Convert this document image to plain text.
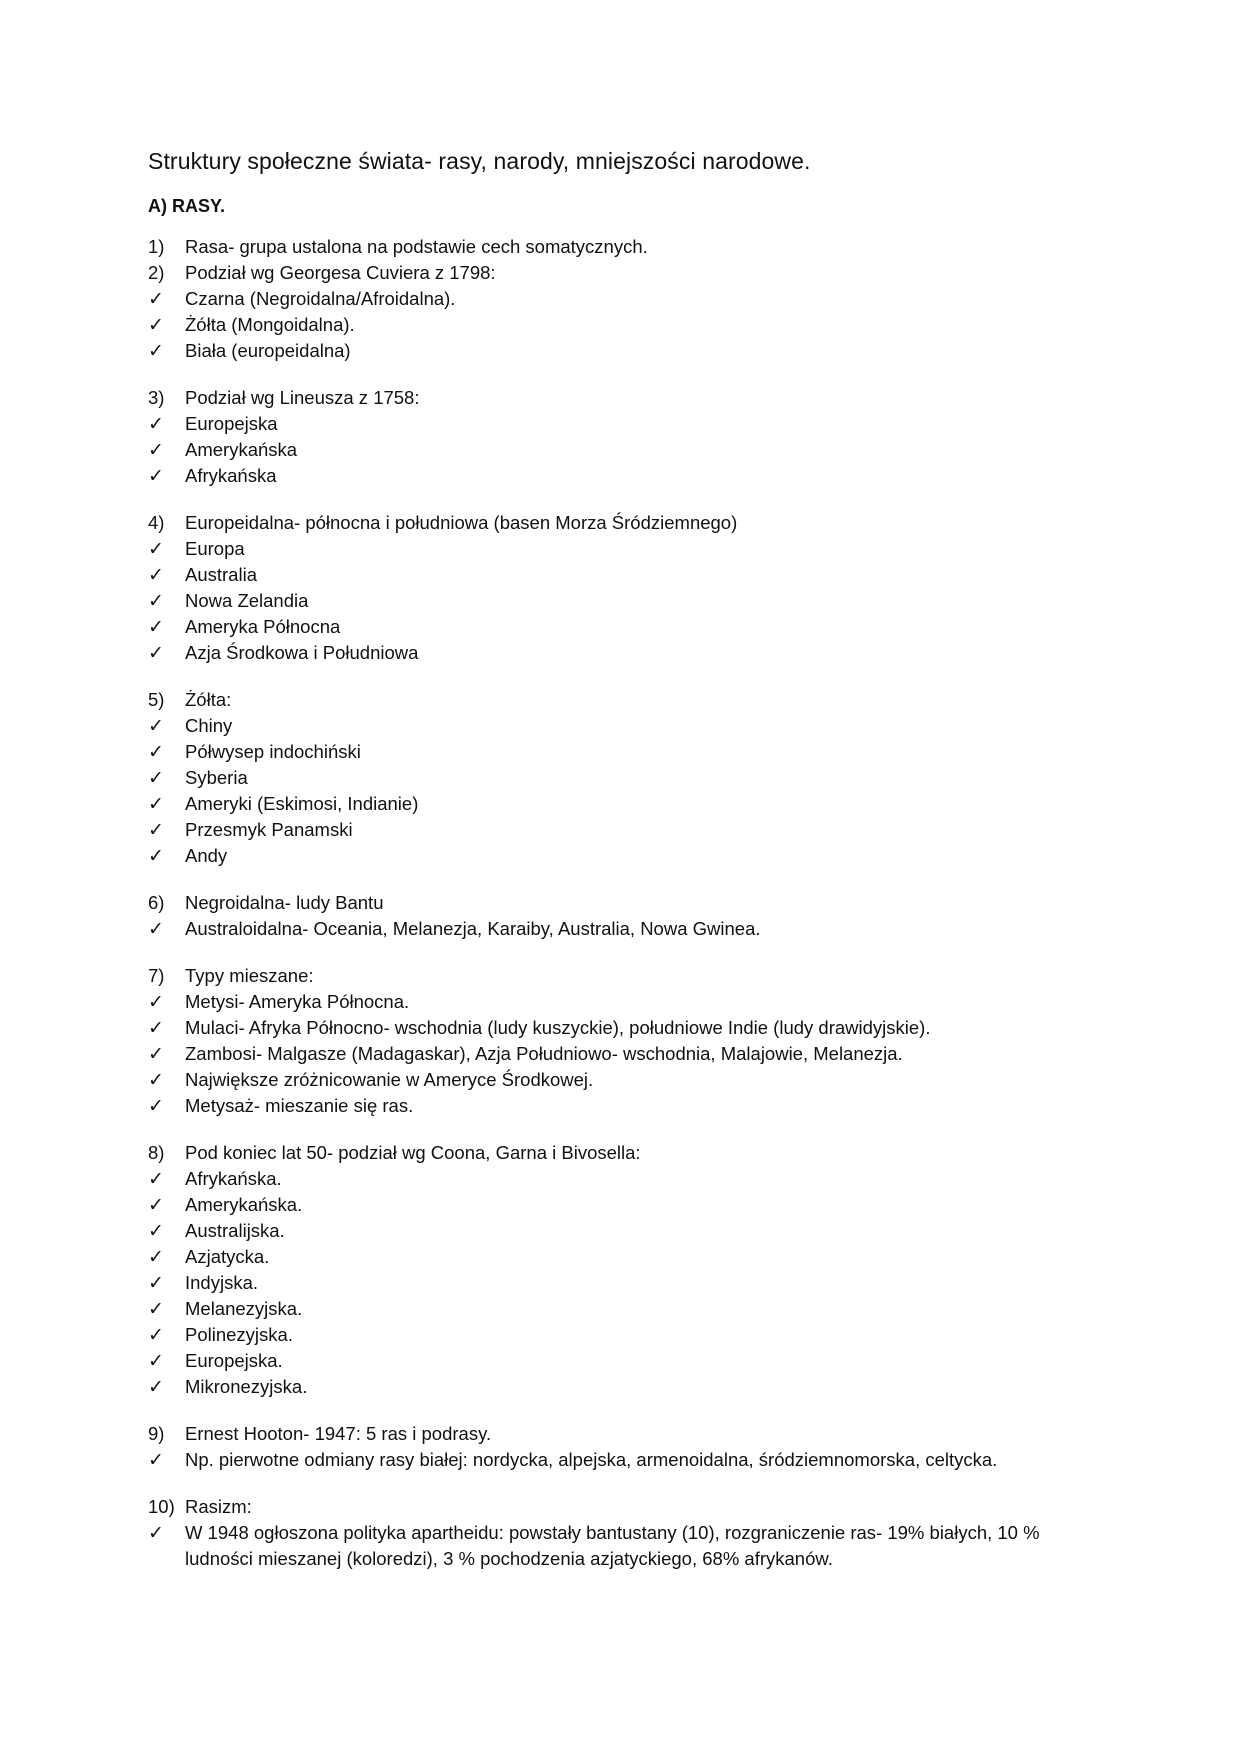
Struktury społeczne świata- rasy, narody, mniejszości narodowe.
A) RASY.
1)	Rasa- grupa ustalona na podstawie cech somatycznych.
2)	Podział wg Georgesa Cuviera z 1798:
✓	Czarna (Negroidalna/Afroidalna).
✓	Żółta (Mongoidalna).
✓	Biała (europeidalna)
3)	Podział wg Lineusza z 1758:
✓	Europejska
✓	Amerykańska
✓	Afrykańska
4)	Europeidalna- północna i południowa (basen Morza Śródziemnego)
✓	Europa
✓	Australia
✓	Nowa Zelandia
✓	Ameryka Północna
✓	Azja Środkowa i Południowa
5)	Żółta:
✓	Chiny
✓	Półwysep indochiński
✓	Syberia
✓	Ameryki (Eskimosi, Indianie)
✓	Przesmyk Panamski
✓	Andy
6)	Negroidalna- ludy Bantu
✓	Australoidalna- Oceania, Melanezja, Karaiby, Australia, Nowa Gwinea.
7)	Typy mieszane:
✓	Metysi- Ameryka Północna.
✓	Mulaci- Afryka Północno- wschodnia (ludy kuszyckie), południowe Indie (ludy drawidyjskie).
✓	Zambosi- Malgasze (Madagaskar), Azja Południowo- wschodnia, Malajowie, Melanezja.
✓	Największe zróżnicowanie w Ameryce Środkowej.
✓	Metysaż- mieszanie się ras.
8)	Pod koniec lat 50- podział wg Coona, Garna i Bivosella:
✓	Afrykańska.
✓	Amerykańska.
✓	Australijska.
✓	Azjatycka.
✓	Indyjska.
✓	Melanezyjska.
✓	Polinezyjska.
✓	Europejska.
✓	Mikronezyjska.
9)	Ernest Hooton- 1947: 5 ras i podrasy.
✓	Np. pierwotne odmiany rasy białej: nordycka, alpejska, armenoidalna, śródziemnomorska, celtycka.
10) Rasizm:
✓	W 1948 ogłoszona polityka apartheidu: powstały bantustany (10), rozgraniczenie ras- 19% białych, 10 % ludności mieszanej (koloredzi), 3 % pochodzenia azjatyckiego, 68% afrykanów.
